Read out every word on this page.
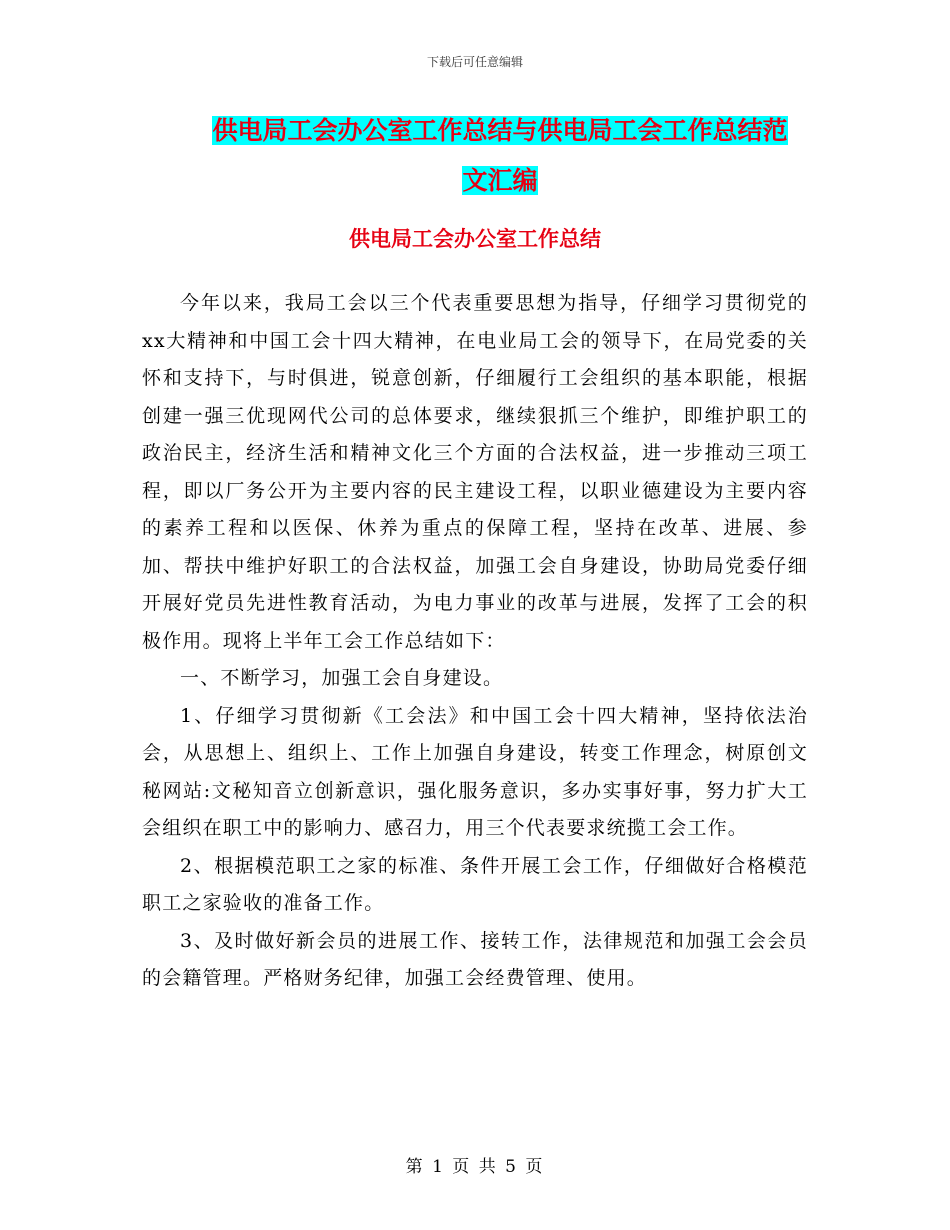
下载后可任意编辑
供电局工会办公室工作总结与供电局工会工作总结范
文汇编
供电局工会办公室工作总结

今年以来，我局工会以三个代表重要思想为指导，仔细学习贯彻党的xx大精神和中国工会十四大精神，在电业局工会的领导下，在局党委的关怀和支持下，与时俱进，锐意创新，仔细履行工会组织的基本职能，根据创建一强三优现网代公司的总体要求，继续狠抓三个维护，即维护职工的政治民主，经济生活和精神文化三个方面的合法权益，进一步推动三项工程，即以厂务公开为主要内容的民主建设工程，以职业德建设为主要内容的素养工程和以医保、休养为重点的保障工程，坚持在改革、进展、参加、帮扶中维护好职工的合法权益，加强工会自身建设，协助局党委仔细开展好党员先进性教育活动，为电力事业的改革与进展，发挥了工会的积极作用。现将上半年工会工作总结如下：

一、不断学习，加强工会自身建设。

1、仔细学习贯彻新《工会法》和中国工会十四大精神，坚持依法治会，从思想上、组织上、工作上加强自身建设，转变工作理念，树原创文秘网站:文秘知音立创新意识，强化服务意识，多办实事好事，努力扩大工会组织在职工中的影响力、感召力，用三个代表要求统揽工会工作。

2、根据模范职工之家的标准、条件开展工会工作，仔细做好合格模范职工之家验收的准备工作。

3、及时做好新会员的进展工作、接转工作，法律规范和加强工会会员的会籍管理。严格财务纪律，加强工会经费管理、使用。

第 1 页 共 5 页
